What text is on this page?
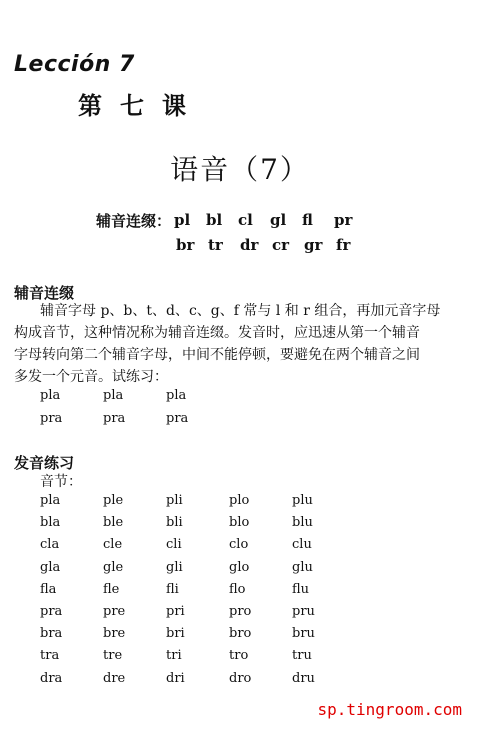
Lección 7
第七课
语音（7）
辅音连缀： pl	bl	cl	gl	fl	pr
br tr	dr cr gr fr
辅音连缀
辅音字母 p、b、t、d、c、g、f 常与 l 和 r 组合，再加元音字母
构成音节，这种情况称为辅音连缀。发音时，应迅速从第一个辅音
字母转向第二个辅音字母，中间不能停顿，要避免在两个辅音之间
多发一个元音。试练习：
pla	pla	pla
pra	pra	pra
发音练习
音节：
pla	ple	pli	plo	plu
bla	ble	bli	blo	blu
cla	cle	cli	clo	clu
gla	gle	gli	glo	glu
fla	fle	fli	flo	flu
pra	pre	pri	pro	pru
bra	bre	bri	bro	bru
tra	tre	tri	tro	tru
dra	dre	dri	dro	dru
sp.tingroom.com
